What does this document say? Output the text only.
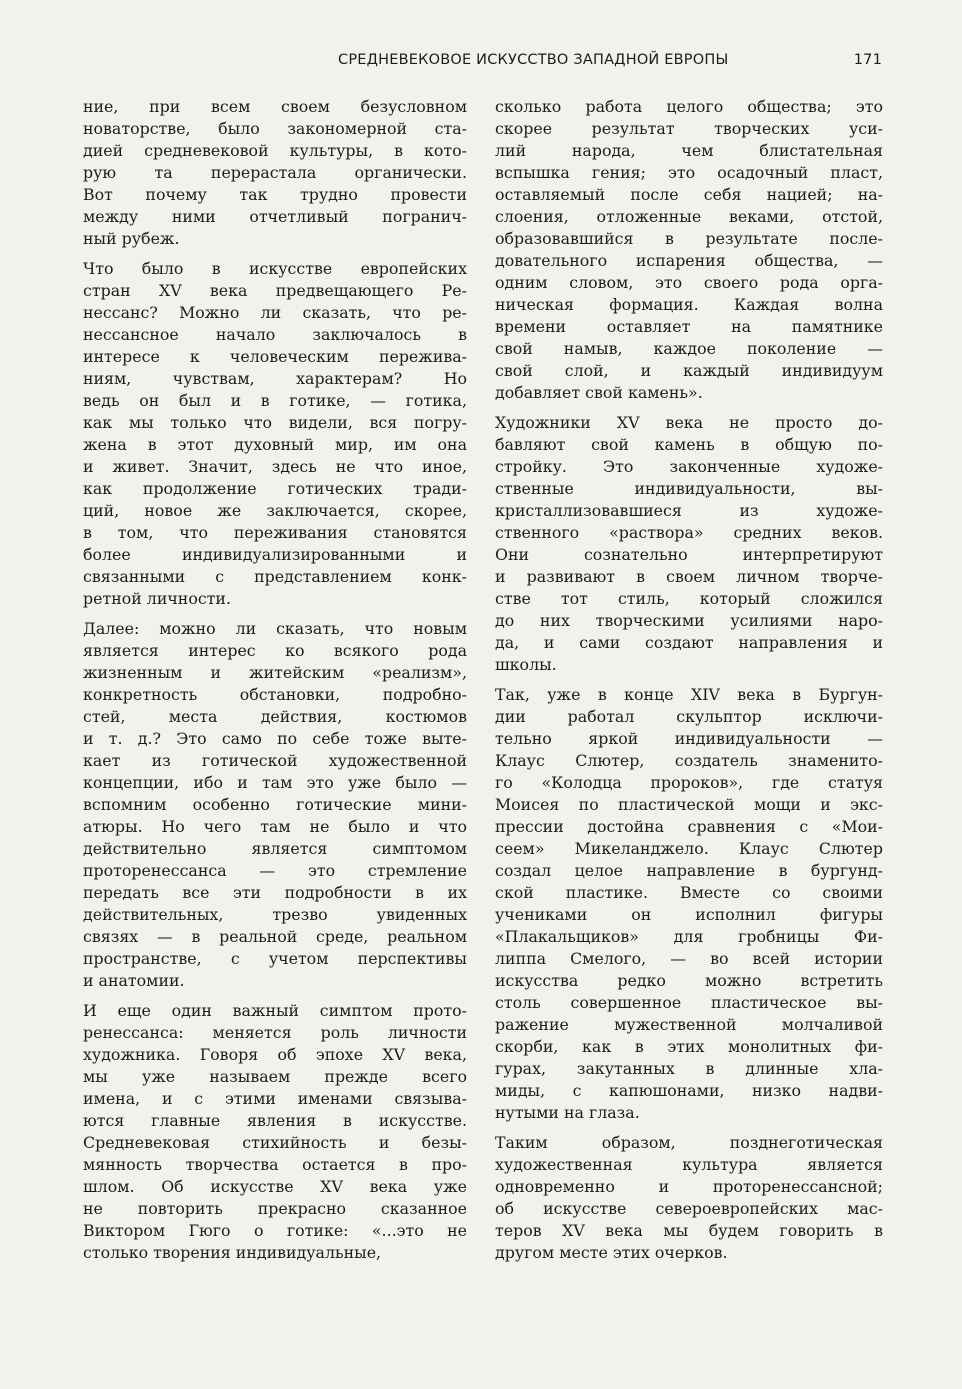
СРЕДНЕВЕКОВОЕ ИСКУССТВО ЗАПАДНОЙ ЕВРОПЫ	171
ние, при всем своем безусловном
новаторстве, было закономерной ста-
дией средневековой культуры, в кото-
рую та перерастала органически.
Вот почему так трудно провести
между ними отчетливый погранич-
ный рубеж.
Что было в искусстве европейских
стран XV века предвещающего Ре-
нессанс? Можно ли сказать, что ре-
нессансное начало заключалось в
интересе к человеческим пережива-
ниям, чувствам, характерам? Но
ведь он был и в готике, — готика,
как мы только что видели, вся погру-
жена в этот духовный мир, им она
и живет. Значит, здесь не что иное,
как продолжение готических тради-
ций, новое же заключается, скорее,
в том, что переживания становятся
более индивидуализированными и
связанными с представлением конк-
ретной личности.
Далее: можно ли сказать, что новым
является интерес ко всякого рода
жизненным и житейским «реализм»,
конкретность обстановки, подробно-
стей, места действия, костюмов
и т. д.? Это само по себе тоже выте-
кает из готической художественной
концепции, ибо и там это уже было —
вспомним особенно готические мини-
атюры. Но чего там не было и что
действительно является симптомом
проторенессанса — это стремление
передать все эти подробности в их
действительных, трезво увиденных
связях — в реальной среде, реальном
пространстве, с учетом перспективы
и анатомии.
И еще один важный симптом прото-
ренессанса: меняется роль личности
художника. Говоря об эпохе XV века,
мы уже называем прежде всего
имена, и с этими именами связыва-
ются главные явления в искусстве.
Средневековая стихийность и безы-
мянность творчества остается в про-
шлом. Об искусстве XV века уже
не повторить прекрасно сказанное
Виктором Гюго о готике: «...это не
столько творения индивидуальные,
сколько работа целого общества; это
скорее результат творческих уси-
лий народа, чем блистательная
вспышка гения; это осадочный пласт,
оставляемый после себя нацией; на-
слоения, отложенные веками, отстой,
образовавшийся в результате после-
довательного испарения общества, —
одним словом, это своего рода орга-
ническая формация. Каждая волна
времени оставляет на памятнике
свой намыв, каждое поколение —
свой слой, и каждый индивидуум
добавляет свой камень».
Художники XV века не просто до-
бавляют свой камень в общую по-
стройку. Это законченные художе-
ственные индивидуальности, вы-
кристаллизовавшиеся из художе-
ственного «раствора» средних веков.
Они сознательно интерпретируют
и развивают в своем личном творче-
стве тот стиль, который сложился
до них творческими усилиями наро-
да, и сами создают направления и
школы.
Так, уже в конце XIV века в Бургун-
дии работал скульптор исключи-
тельно яркой индивидуальности —
Клаус Слютер, создатель знаменито-
го «Колодца пророков», где статуя
Моисея по пластической мощи и экс-
прессии достойна сравнения с «Мои-
сеем» Микеланджело. Клаус Слютер
создал целое направление в бургунд-
ской пластике. Вместе со своими
учениками он исполнил фигуры
«Плакальщиков» для гробницы Фи-
липпа Смелого, — во всей истории
искусства редко можно встретить
столь совершенное пластическое вы-
ражение мужественной молчаливой
скорби, как в этих монолитных фи-
гурах, закутанных в длинные хла-
миды, с капюшонами, низко надви-
нутыми на глаза.
Таким образом, позднеготическая
художественная культура является
одновременно и проторенессансной;
об искусстве североевропейских мас-
теров XV века мы будем говорить в
другом месте этих очерков.
